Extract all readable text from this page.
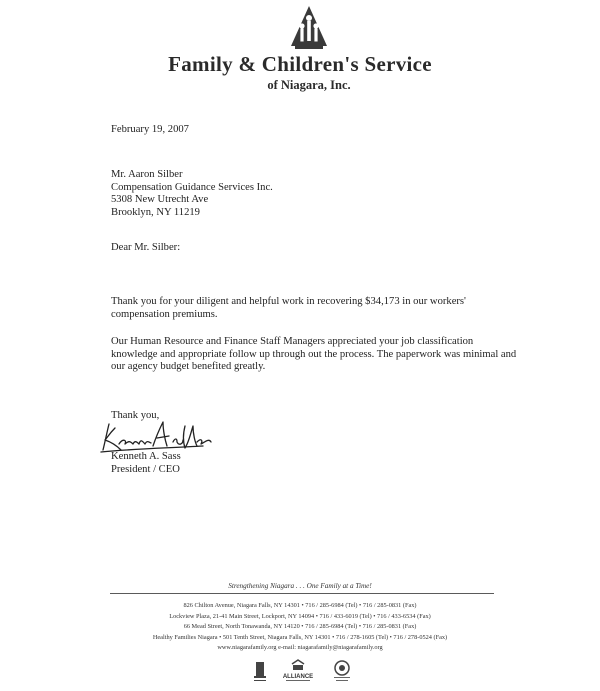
Family & Children's Service
of Niagara, Inc.
February 19, 2007
Mr. Aaron Silber
Compensation Guidance Services Inc.
5308 New Utrecht Ave
Brooklyn, NY 11219
Dear Mr. Silber:
Thank you for your diligent and helpful work in recovering $34,173 in our workers' compensation premiums.
Our Human Resource and Finance Staff Managers appreciated your job classification knowledge and appropriate follow up through out the process. The paperwork was minimal and our agency budget benefited greatly.
Thank you,
Kenneth A. Sass
President / CEO
Strengthening Niagara . . . One Family at a Time!
826 Chilton Avenue, Niagara Falls, NY 14301 • 716 / 285-6984 (Tel) • 716 / 285-0831 (Fax)
Lockview Plaza, 21-41 Main Street, Lockport, NY 14094 • 716 / 433-6019 (Tel) • 716 / 433-6534 (Fax)
66 Mead Street, North Tonawanda, NY 14120 • 716 / 285-6984 (Tel) • 716 / 285-0831 (Fax)
Healthy Families Niagara • 501 Tenth Street, Niagara Falls, NY 14301 • 716 / 278-1605 (Tel) • 716 / 278-0524 (Fax)
www.niagarafamily.org e-mail: niagarafamily@niagarafamily.org
ALLIANCE
